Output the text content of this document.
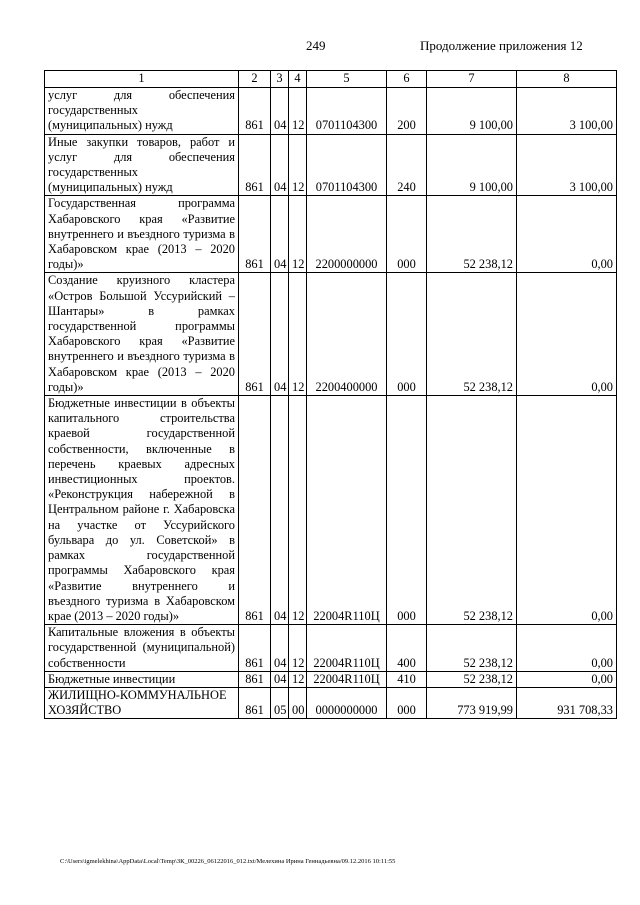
249	Продолжение приложения 12
1	2	3	4	5	6	7	8
услуг для обеспечения государственных (муниципальных) нужд	861	04	12	0701104300	200	9 100,00	3 100,00
Иные закупки товаров, работ и услуг для обеспечения государственных (муниципальных) нужд	861	04	12	0701104300	240	9 100,00	3 100,00
Государственная программа Хабаровского края «Развитие внутреннего и въездного туризма в Хабаровском крае (2013 – 2020 годы)»	861	04	12	2200000000	000	52 238,12	0,00
Создание круизного кластера «Остров Большой Уссурийский – Шантары» в рамках государственной программы Хабаровского края «Развитие внутреннего и въездного туризма в Хабаровском крае (2013 – 2020 годы)»	861	04	12	2200400000	000	52 238,12	0,00
Бюджетные инвестиции в объекты капитального строительства краевой государственной собственности, включенные в перечень краевых адресных инвестиционных проектов. «Реконструкция набережной в Центральном районе г. Хабаровска на участке от Уссурийского бульвара до ул. Советской» в рамках государственной программы Хабаровского края «Развитие внутреннего и въездного туризма в Хабаровском крае (2013 – 2020 годы)»	861	04	12	22004R110Ц	000	52 238,12	0,00
Капитальные вложения в объекты государственной (муниципальной) собственности	861	04	12	22004R110Ц	400	52 238,12	0,00
Бюджетные инвестиции	861	04	12	22004R110Ц	410	52 238,12	0,00
ЖИЛИЩНО-КОММУНАЛЬНОЕ ХОЗЯЙСТВО	861	05	00	0000000000	000	773 919,99	931 708,33
C:\Users\igmelekhina\AppData\Local\Temp\ЗК_00226_06122016_012.txt/Мелехина Ирина Геннадьевна/09.12.2016 10:11:55
